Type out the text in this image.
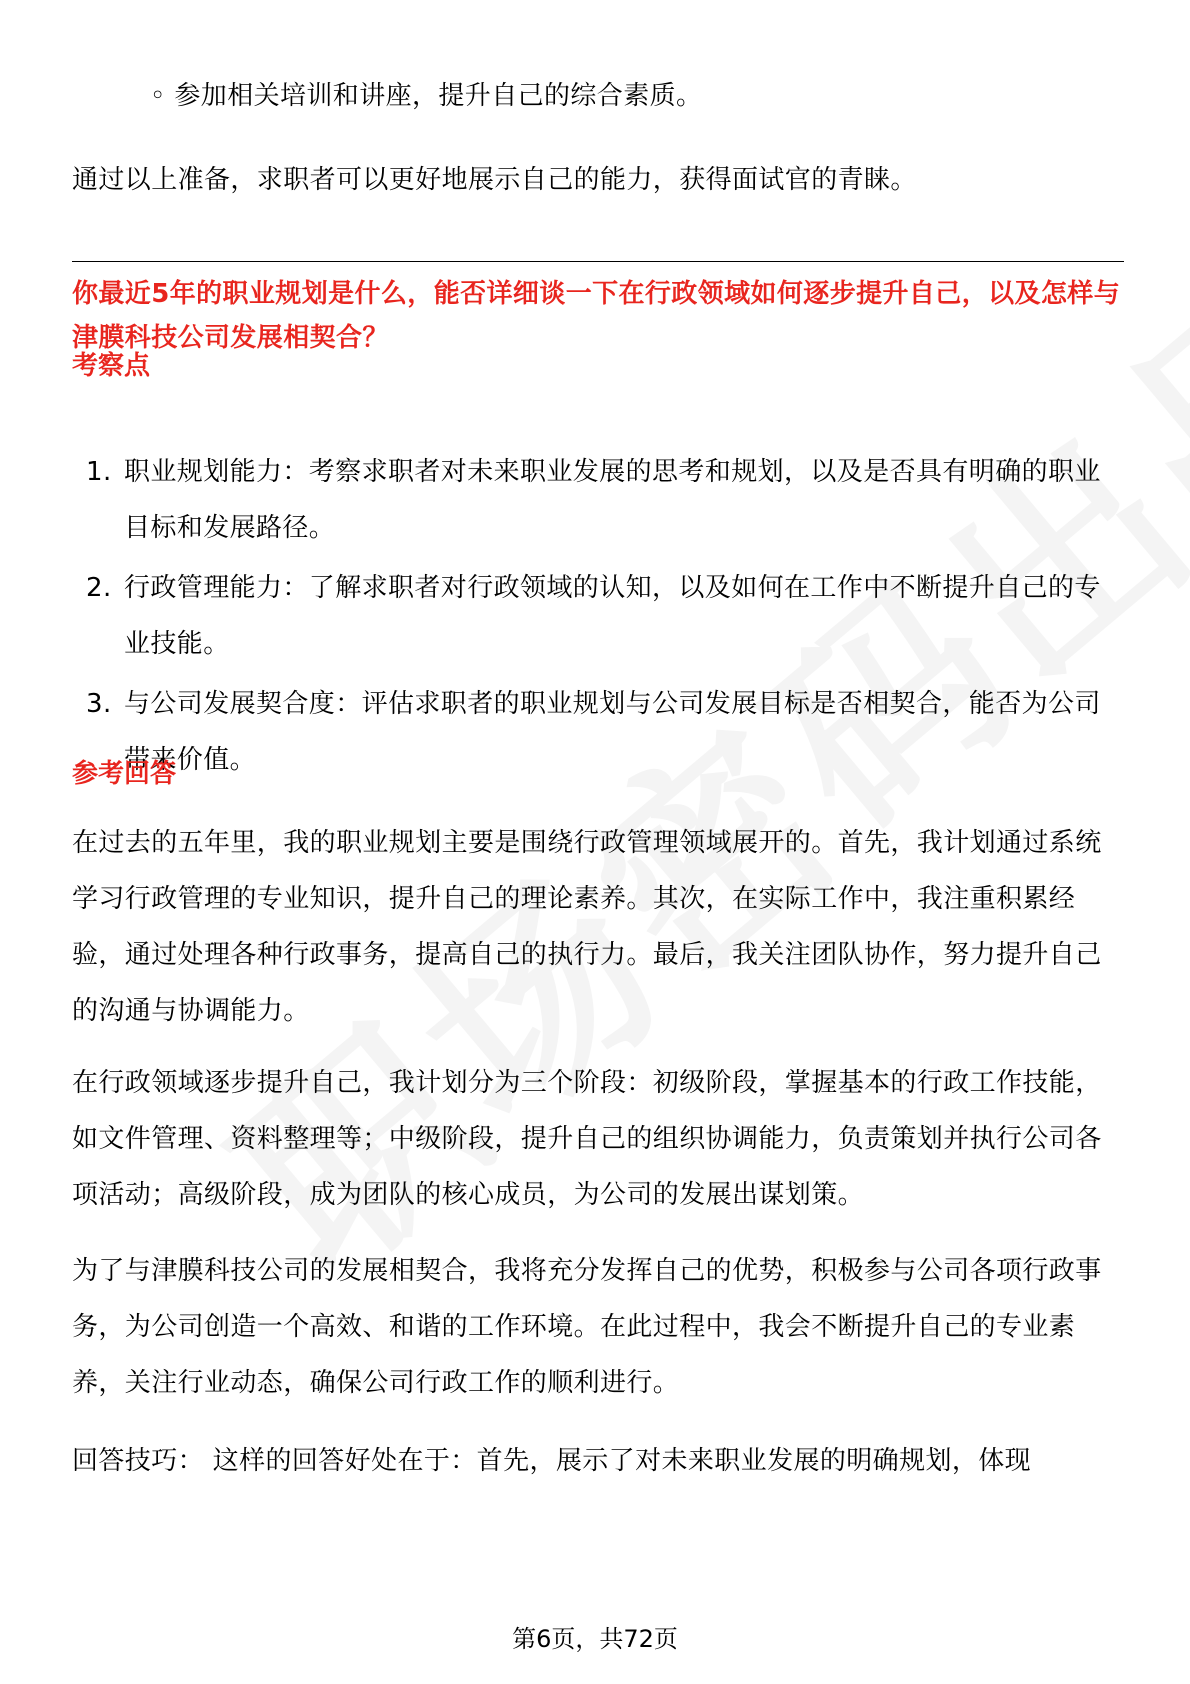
◦ 参加相关培训和讲座，提升自己的综合素质。
通过以上准备，求职者可以更好地展示自己的能力，获得面试官的青睐。
你最近5年的职业规划是什么，能否详细谈一下在行政领域如何逐步提升自己，以及怎样与津膜科技公司发展相契合？
考察点
1. 职业规划能力：考察求职者对未来职业发展的思考和规划，以及是否具有明确的职业目标和发展路径。
2. 行政管理能力：了解求职者对行政领域的认知，以及如何在工作中不断提升自己的专业技能。
3. 与公司发展契合度：评估求职者的职业规划与公司发展目标是否相契合，能否为公司带来价值。
参考回答
在过去的五年里，我的职业规划主要是围绕行政管理领域展开的。首先，我计划通过系统学习行政管理的专业知识，提升自己的理论素养。其次，在实际工作中，我注重积累经验，通过处理各种行政事务，提高自己的执行力。最后，我关注团队协作，努力提升自己的沟通与协调能力。
在行政领域逐步提升自己，我计划分为三个阶段：初级阶段，掌握基本的行政工作技能，如文件管理、资料整理等；中级阶段，提升自己的组织协调能力，负责策划并执行公司各项活动；高级阶段，成为团队的核心成员，为公司的发展出谋划策。
为了与津膜科技公司的发展相契合，我将充分发挥自己的优势，积极参与公司各项行政事务，为公司创造一个高效、和谐的工作环境。在此过程中，我会不断提升自己的专业素养，关注行业动态，确保公司行政工作的顺利进行。
回答技巧： 这样的回答好处在于：首先，展示了对未来职业发展的明确规划，体现
第6页，共72页
